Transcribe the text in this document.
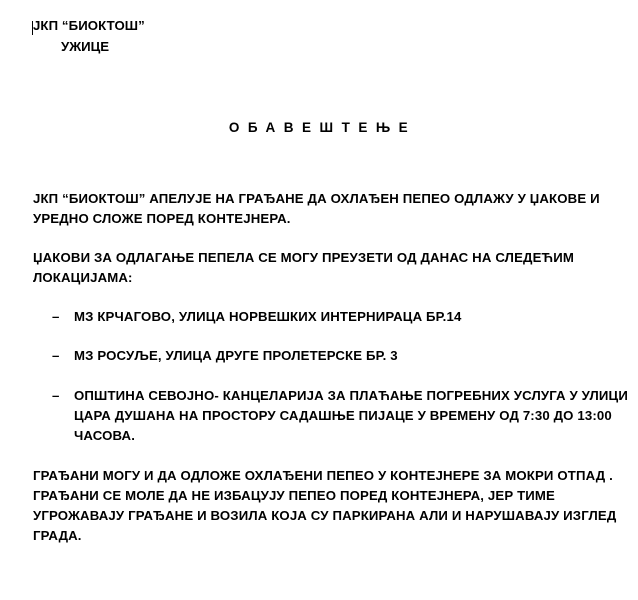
ЈКП “БИОКТОШ”
УЖИЦЕ
ОБАВЕШТЕЊЕ
ЈКП “БИОКТОШ” АПЕЛУЈЕ НА ГРАЂАНЕ ДА ОХЛАЂЕН ПЕПЕО ОДЛАЖУ У ЏАКОВЕ И УРЕДНО СЛОЖЕ ПОРЕД КОНТЕЈНЕРА.
ЏАКОВИ ЗА ОДЛАГАЊЕ ПЕПЕЛА СЕ МОГУ ПРЕУЗЕТИ ОД ДАНАС НА СЛЕДЕЋИМ ЛОКАЦИЈАМА:
– МЗ КРЧАГОВО, УЛИЦА НОРВЕШКИХ ИНТЕРНИРАЦА БР.14
– МЗ РОСУЉЕ, УЛИЦА ДРУГЕ ПРОЛЕТЕРСКЕ БР. 3
– ОПШТИНА СЕВОЈНО- КАНЦЕЛАРИЈА ЗА ПЛАЋАЊЕ ПОГРЕБНИХ УСЛУГА У УЛИЦИ ЦАРА ДУШАНА НА ПРОСТОРУ САДАШЊЕ ПИЈАЦЕ У ВРЕМЕНУ ОД 7:30 ДО 13:00 ЧАСОВА.
ГРАЂАНИ МОГУ И ДА ОДЛОЖЕ ОХЛАЂЕНИ ПЕПЕО У КОНТЕЈНЕРЕ ЗА МОКРИ ОТПАД . ГРАЂАНИ СЕ МОЛЕ ДА НЕ ИЗБАЦУЈУ ПЕПЕО ПОРЕД КОНТЕЈНЕРА, ЈЕР ТИМЕ УГРОЖАВАЈУ ГРАЂАНЕ И ВОЗИЛА КОЈА СУ ПАРКИРАНА АЛИ И НАРУШАВАЈУ ИЗГЛЕД ГРАДА.
